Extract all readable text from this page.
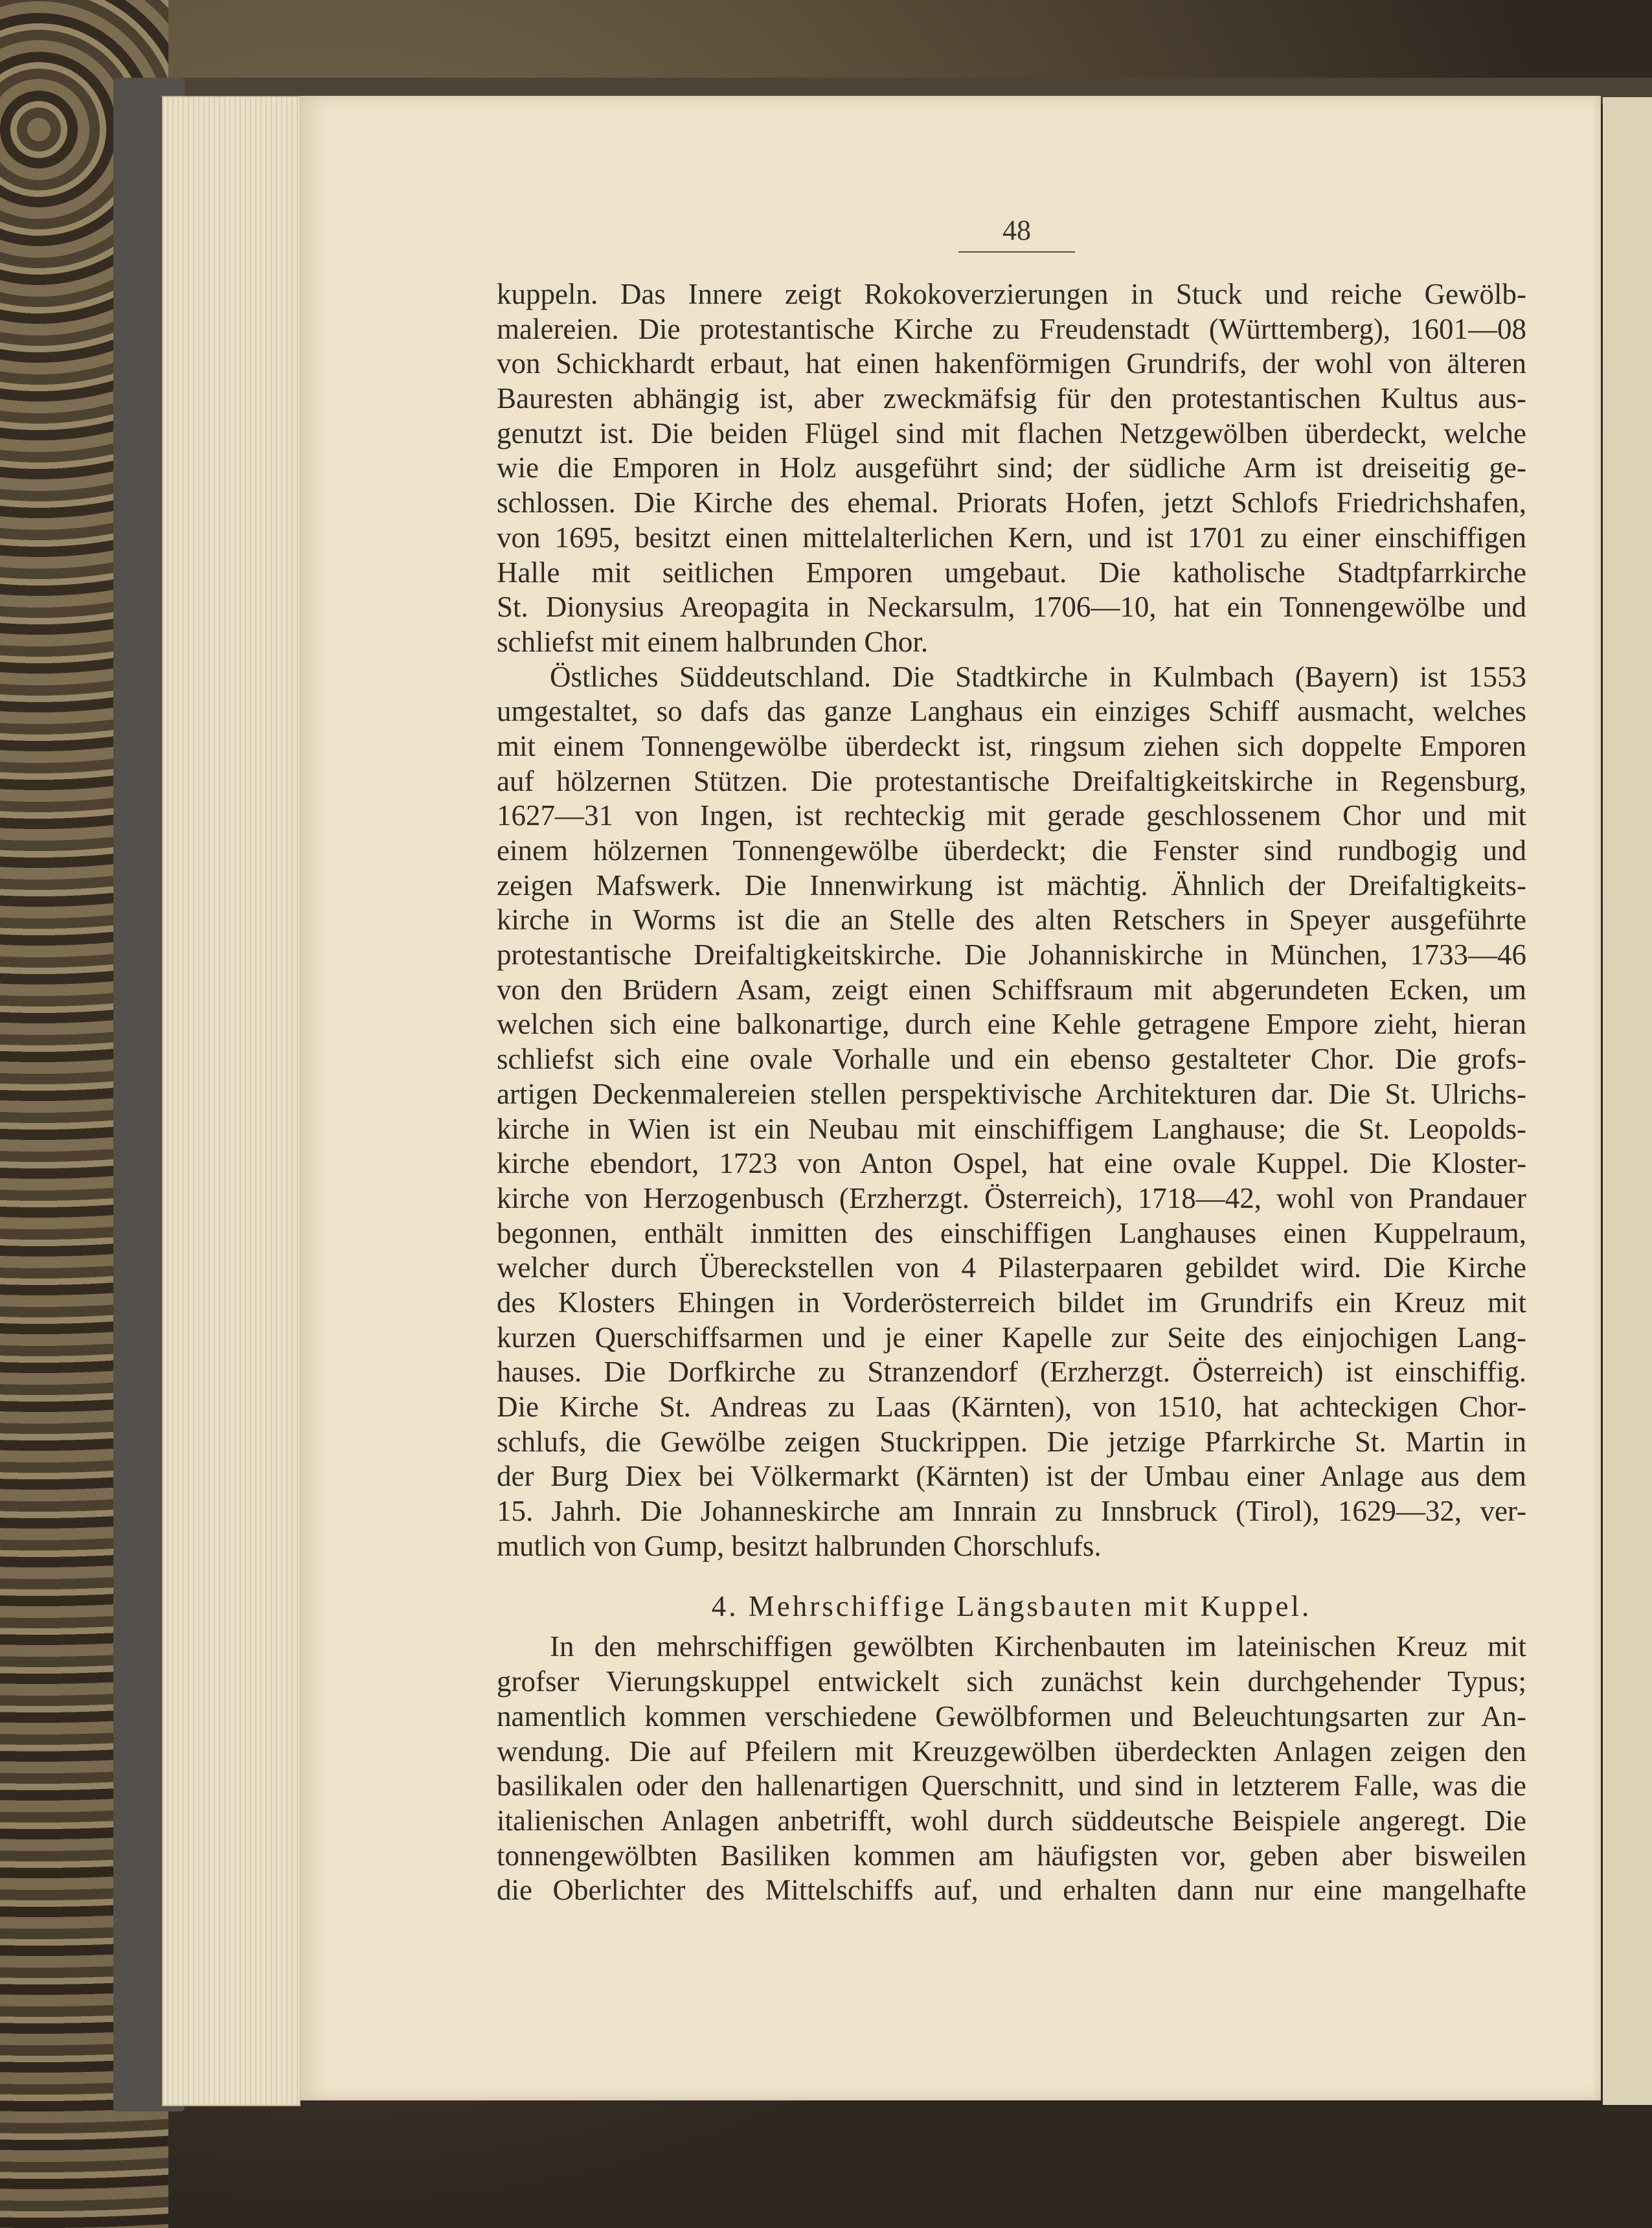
48
kuppeln. Das Innere zeigt Rokokoverzierungen in Stuck und reiche Gewölb-
malereien. Die protestantische Kirche zu Freudenstadt (Württemberg), 1601—08
von Schickhardt erbaut, hat einen hakenförmigen Grundrifs, der wohl von älteren
Bauresten abhängig ist, aber zweckmäfsig für den protestantischen Kultus aus-
genutzt ist. Die beiden Flügel sind mit flachen Netzgewölben überdeckt, welche
wie die Emporen in Holz ausgeführt sind; der südliche Arm ist dreiseitig ge-
schlossen. Die Kirche des ehemal. Priorats Hofen, jetzt Schlofs Friedrichshafen,
von 1695, besitzt einen mittelalterlichen Kern, und ist 1701 zu einer einschiffigen
Halle mit seitlichen Emporen umgebaut. Die katholische Stadtpfarrkirche
St. Dionysius Areopagita in Neckarsulm, 1706—10, hat ein Tonnengewölbe und
schliefst mit einem halbrunden Chor.
Östliches Süddeutschland. Die Stadtkirche in Kulmbach (Bayern) ist 1553
umgestaltet, so dafs das ganze Langhaus ein einziges Schiff ausmacht, welches
mit einem Tonnengewölbe überdeckt ist, ringsum ziehen sich doppelte Emporen
auf hölzernen Stützen. Die protestantische Dreifaltigkeitskirche in Regensburg,
1627—31 von Ingen, ist rechteckig mit gerade geschlossenem Chor und mit
einem hölzernen Tonnengewölbe überdeckt; die Fenster sind rundbogig und
zeigen Mafswerk. Die Innenwirkung ist mächtig. Ähnlich der Dreifaltigkeits-
kirche in Worms ist die an Stelle des alten Retschers in Speyer ausgeführte
protestantische Dreifaltigkeitskirche. Die Johanniskirche in München, 1733—46
von den Brüdern Asam, zeigt einen Schiffsraum mit abgerundeten Ecken, um
welchen sich eine balkonartige, durch eine Kehle getragene Empore zieht, hieran
schliefst sich eine ovale Vorhalle und ein ebenso gestalteter Chor. Die grofs-
artigen Deckenmalereien stellen perspektivische Architekturen dar. Die St. Ulrichs-
kirche in Wien ist ein Neubau mit einschiffigem Langhause; die St. Leopolds-
kirche ebendort, 1723 von Anton Ospel, hat eine ovale Kuppel. Die Kloster-
kirche von Herzogenbusch (Erzherzgt. Österreich), 1718—42, wohl von Prandauer
begonnen, enthält inmitten des einschiffigen Langhauses einen Kuppelraum,
welcher durch Übereckstellen von 4 Pilasterpaaren gebildet wird. Die Kirche
des Klosters Ehingen in Vorderösterreich bildet im Grundrifs ein Kreuz mit
kurzen Querschiffsarmen und je einer Kapelle zur Seite des einjochigen Lang-
hauses. Die Dorfkirche zu Stranzendorf (Erzherzgt. Österreich) ist einschiffig.
Die Kirche St. Andreas zu Laas (Kärnten), von 1510, hat achteckigen Chor-
schlufs, die Gewölbe zeigen Stuckrippen. Die jetzige Pfarrkirche St. Martin in
der Burg Diex bei Völkermarkt (Kärnten) ist der Umbau einer Anlage aus dem
15. Jahrh. Die Johanneskirche am Innrain zu Innsbruck (Tirol), 1629—32, ver-
mutlich von Gump, besitzt halbrunden Chorschlufs.
4. Mehrschiffige Längsbauten mit Kuppel.
In den mehrschiffigen gewölbten Kirchenbauten im lateinischen Kreuz mit
grofser Vierungskuppel entwickelt sich zunächst kein durchgehender Typus;
namentlich kommen verschiedene Gewölbformen und Beleuchtungsarten zur An-
wendung. Die auf Pfeilern mit Kreuzgewölben überdeckten Anlagen zeigen den
basilikalen oder den hallenartigen Querschnitt, und sind in letzterem Falle, was die
italienischen Anlagen anbetrifft, wohl durch süddeutsche Beispiele angeregt. Die
tonnengewölbten Basiliken kommen am häufigsten vor, geben aber bisweilen
die Oberlichter des Mittelschiffs auf, und erhalten dann nur eine mangelhafte
